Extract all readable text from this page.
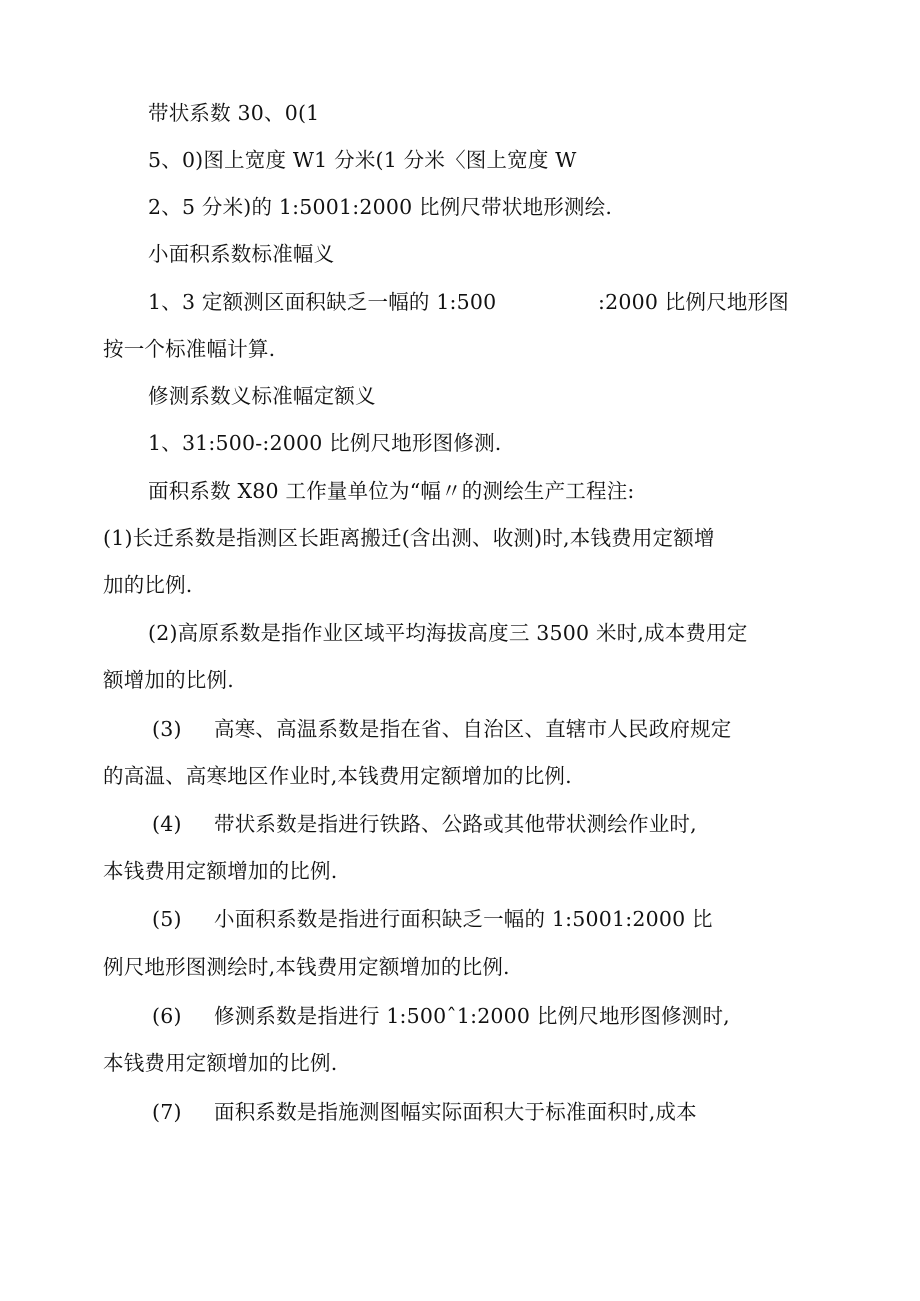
带状系数 30、0(1
5、0)图上宽度 W1 分米(1 分米〈图上宽度 W
2、5 分米)的 1:5001:2000 比例尺带状地形测绘.
小面积系数标准幅义
1、3 定额测区面积缺乏一幅的 1:500	:2000 比例尺地形图
按一个标准幅计算.
修测系数义标准幅定额义
1、31:500-:2000 比例尺地形图修测.
面积系数 X80 工作量单位为“幅〃的测绘生产工程注:
(1)长迁系数是指测区长距离搬迁(含出测、收测)时,本钱费用定额增
加的比例.
(2)高原系数是指作业区域平均海拔高度三 3500 米时,成本费用定
额增加的比例.
(3) 高寒、高温系数是指在省、自治区、直辖市人民政府规定
的高温、高寒地区作业时,本钱费用定额增加的比例.
(4) 带状系数是指进行铁路、公路或其他带状测绘作业时,
本钱费用定额增加的比例.
(5) 小面积系数是指进行面积缺乏一幅的 1:5001:2000 比
例尺地形图测绘时,本钱费用定额增加的比例.
(6) 修测系数是指进行 1:500ˆ1:2000 比例尺地形图修测时,
本钱费用定额增加的比例.
(7) 面积系数是指施测图幅实际面积大于标准面积时,成本
